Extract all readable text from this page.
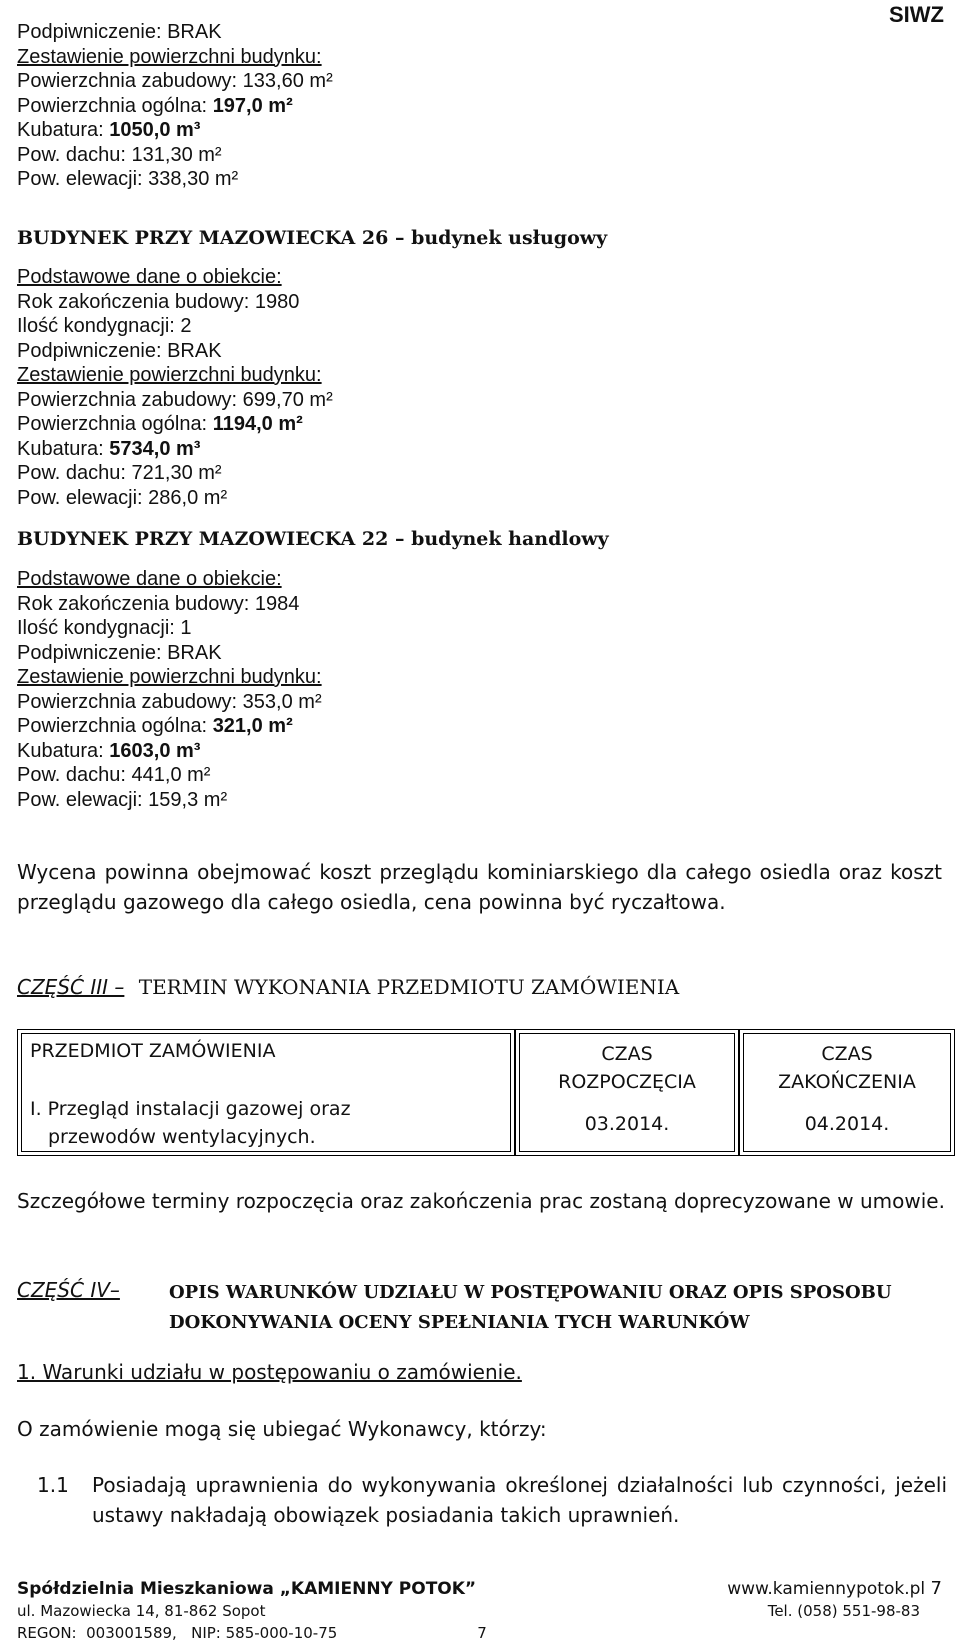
SIWZ
Podpiwniczenie: BRAK
Zestawienie powierzchni budynku:
Powierzchnia zabudowy: 133,60 m²
Powierzchnia ogólna: 197,0 m²
Kubatura: 1050,0 m³
Pow. dachu: 131,30 m²
Pow. elewacji: 338,30 m²
BUDYNEK PRZY MAZOWIECKA 26 – budynek usługowy
Podstawowe dane o obiekcie:
Rok zakończenia budowy: 1980
Ilość kondygnacji: 2
Podpiwniczenie: BRAK
Zestawienie powierzchni budynku:
Powierzchnia zabudowy: 699,70 m²
Powierzchnia ogólna: 1194,0 m²
Kubatura: 5734,0 m³
Pow. dachu: 721,30 m²
Pow. elewacji: 286,0 m²
BUDYNEK PRZY MAZOWIECKA 22 – budynek handlowy
Podstawowe dane o obiekcie:
Rok zakończenia budowy: 1984
Ilość kondygnacji: 1
Podpiwniczenie: BRAK
Zestawienie powierzchni budynku:
Powierzchnia zabudowy: 353,0 m²
Powierzchnia ogólna: 321,0 m²
Kubatura: 1603,0 m³
Pow. dachu: 441,0 m²
Pow. elewacji: 159,3 m²
Wycena powinna obejmować koszt przeglądu kominiarskiego dla całego osiedla oraz koszt przeglądu gazowego dla całego osiedla, cena powinna być ryczałtowa.
CZĘŚĆ III – TERMIN WYKONANIA PRZEDMIOTU ZAMÓWIENIA
PRZEDMIOT ZAMÓWIENIA
I. Przegląd instalacji gazowej oraz
przewodów wentylacyjnych.
CZAS
ROZPOCZĘCIA
03.2014.
CZAS
ZAKOŃCZENIA
04.2014.
Szczegółowe terminy rozpoczęcia oraz zakończenia prac zostaną doprecyzowane w umowie.
CZĘŚĆ IV–	OPIS WARUNKÓW UDZIAŁU W POSTĘPOWANIU ORAZ OPIS SPOSOBU DOKONYWANIA OCENY SPEŁNIANIA TYCH WARUNKÓW
1. Warunki udziału w postępowaniu o zamówienie.
O zamówienie mogą się ubiegać Wykonawcy, którzy:
1.1 Posiadają uprawnienia do wykonywania określonej działalności lub czynności, jeżeli ustawy nakładają obowiązek posiadania takich uprawnień.
Spółdzielnia Mieszkaniowa „KAMIENNY POTOK”
ul. Mazowiecka 14, 81-862 Sopot
REGON:  003001589,   NIP: 585-000-10-75	7
www.kamiennypotok.pl 7
Tel. (058) 551-98-83
